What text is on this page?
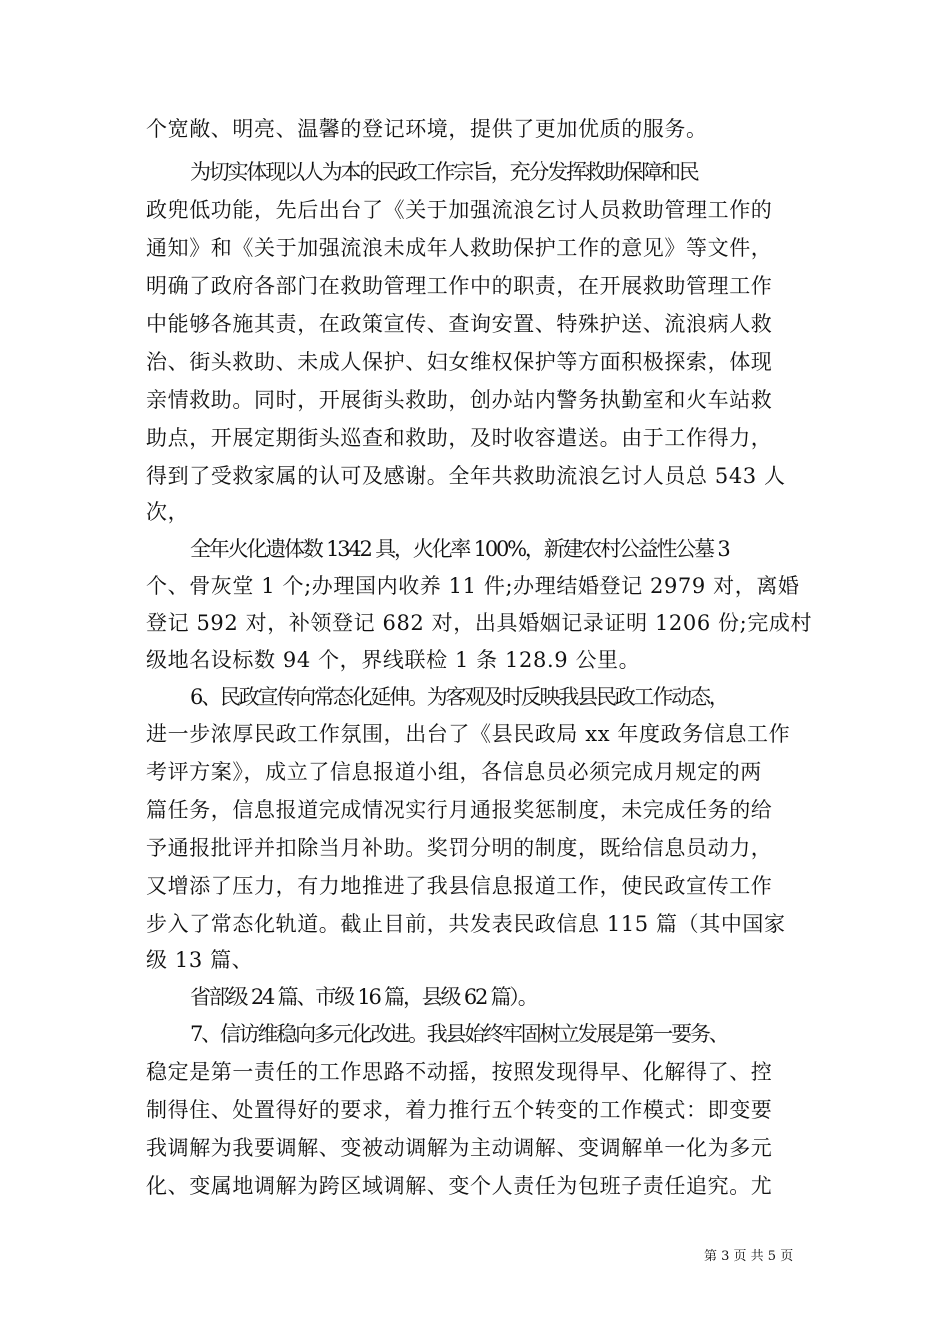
个宽敞、明亮、温馨的登记环境，提供了更加优质的服务。
为切实体现以人为本的民政工作宗旨，充分发挥救助保障和民
政兜低功能，先后出台了《关于加强流浪乞讨人员救助管理工作的
通知》和《关于加强流浪未成年人救助保护工作的意见》等文件，
明确了政府各部门在救助管理工作中的职责，在开展救助管理工作
中能够各施其责，在政策宣传、查询安置、特殊护送、流浪病人救
治、街头救助、未成人保护、妇女维权保护等方面积极探索，体现
亲情救助。同时，开展街头救助，创办站内警务执勤室和火车站救
助点，开展定期街头巡查和救助，及时收容遣送。由于工作得力，
得到了受救家属的认可及感谢。全年共救助流浪乞讨人员总 543 人
次，
全年火化遗体数 1342 具，火化率 100%，新建农村公益性公墓 3
个、骨灰堂 1 个;办理国内收养 11 件;办理结婚登记 2979 对，离婚
登记 592 对，补领登记 682 对，出具婚姻记录证明 1206 份;完成村
级地名设标数 94 个，界线联检 1 条 128.9 公里。
6、民政宣传向常态化延伸。为客观及时反映我县民政工作动态，
进一步浓厚民政工作氛围，出台了《县民政局 xx 年度政务信息工作
考评方案》，成立了信息报道小组，各信息员必须完成月规定的两
篇任务，信息报道完成情况实行月通报奖惩制度，未完成任务的给
予通报批评并扣除当月补助。奖罚分明的制度，既给信息员动力，
又增添了压力，有力地推进了我县信息报道工作，使民政宣传工作
步入了常态化轨道。截止目前，共发表民政信息 115 篇（其中国家
级 13 篇、
省部级 24 篇、市级 16 篇，县级 62 篇）。
7、信访维稳向多元化改进。我县始终牢固树立发展是第一要务、
稳定是第一责任的工作思路不动摇，按照发现得早、化解得了、控
制得住、处置得好的要求，着力推行五个转变的工作模式：即变要
我调解为我要调解、变被动调解为主动调解、变调解单一化为多元
化、变属地调解为跨区域调解、变个人责任为包班子责任追究。尤
第 3 页 共 5 页
